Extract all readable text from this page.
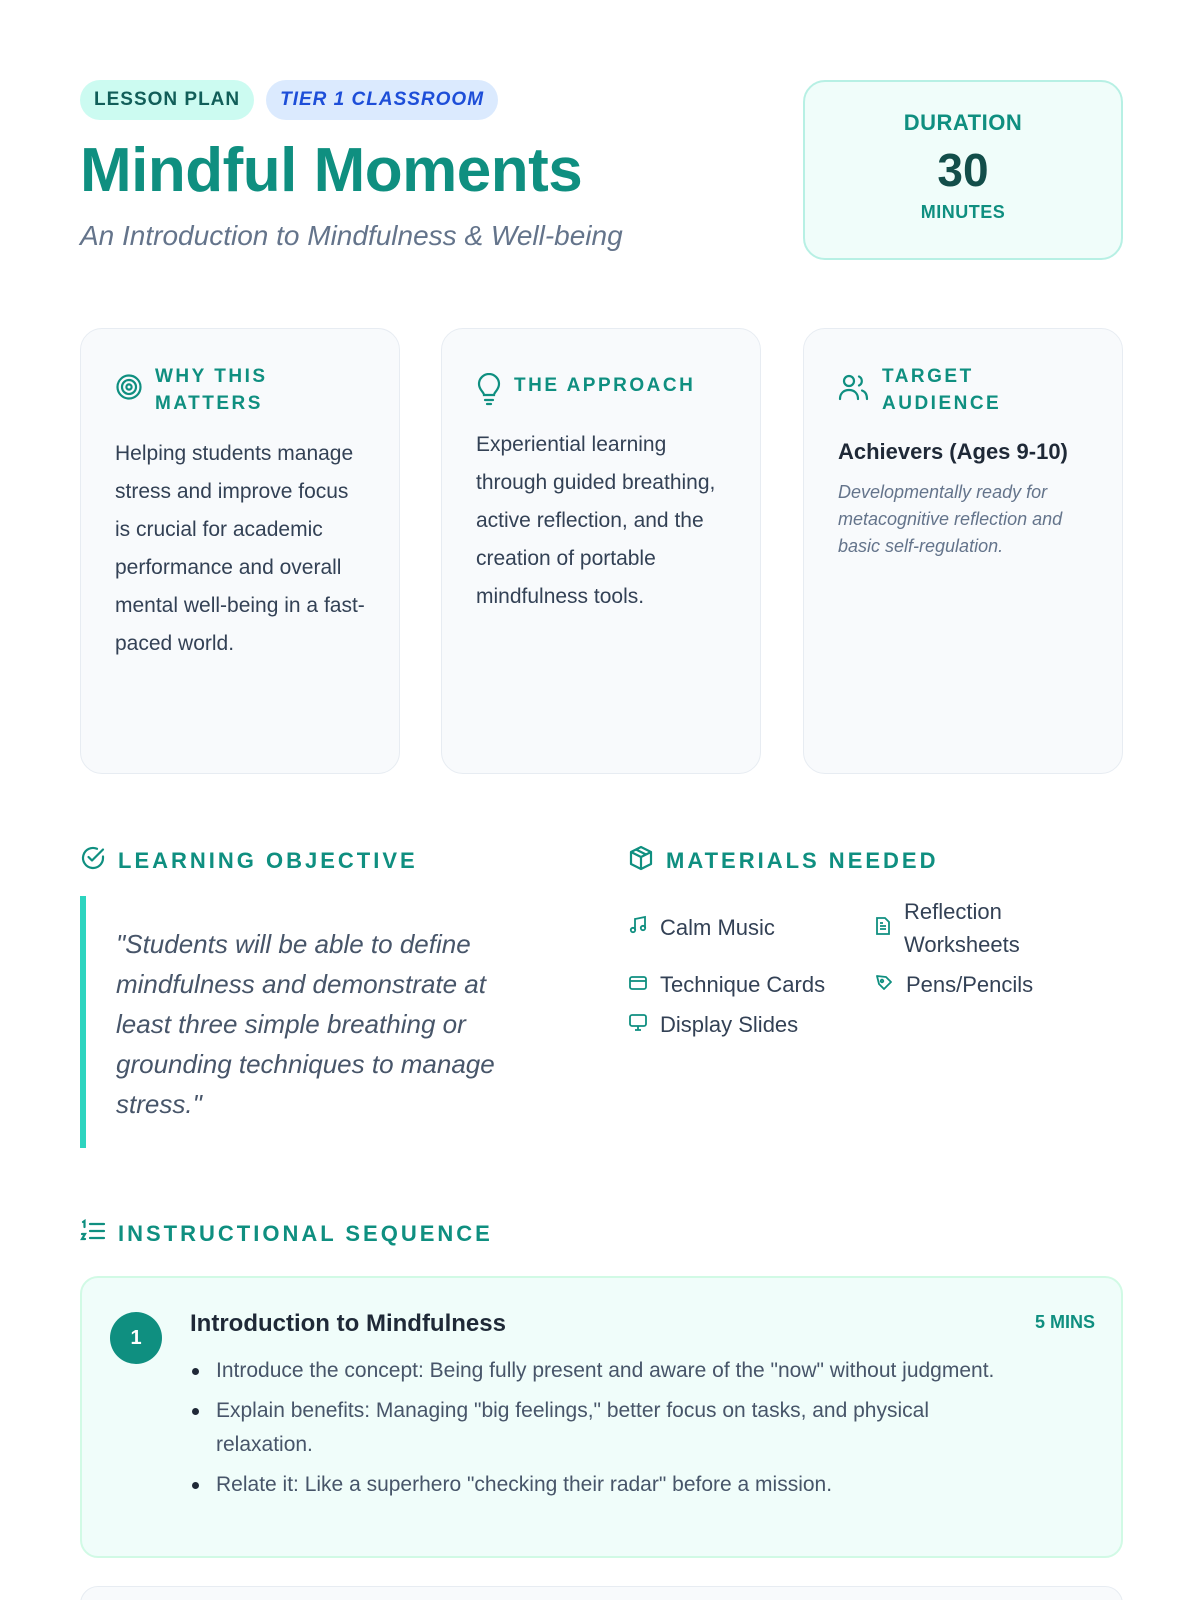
LESSON PLAN	TIER 1 CLASSROOM
Mindful Moments

An Introduction to Mindfulness & Well-being

DURATION
30
MINUTES
WHY THIS
MATTERS

Helping students manage stress and improve focus is crucial for academic performance and overall mental well-being in a fast-paced world.

THE APPROACH

Experiential learning through guided breathing, active reflection, and the creation of portable mindfulness tools.

TARGET
AUDIENCE
Achievers (Ages 9-10)

Developmentally ready for metacognitive reflection and basic self-regulation.

LEARNING OBJECTIVE
"Students will be able to define mindfulness and demonstrate at least three simple breathing or grounding techniques to manage stress."
MATERIALS NEEDED
Calm Music
Reflection Worksheets
Technique Cards	Pens/Pencils
Display Slides
INSTRUCTIONAL SEQUENCE
1
Introduction to Mindfulness	5 MINS
Introduce the concept: Being fully present and aware of the "now" without judgment.
Explain benefits: Managing "big feelings," better focus on tasks, and physical relaxation.
Relate it: Like a superhero "checking their radar" before a mission.
